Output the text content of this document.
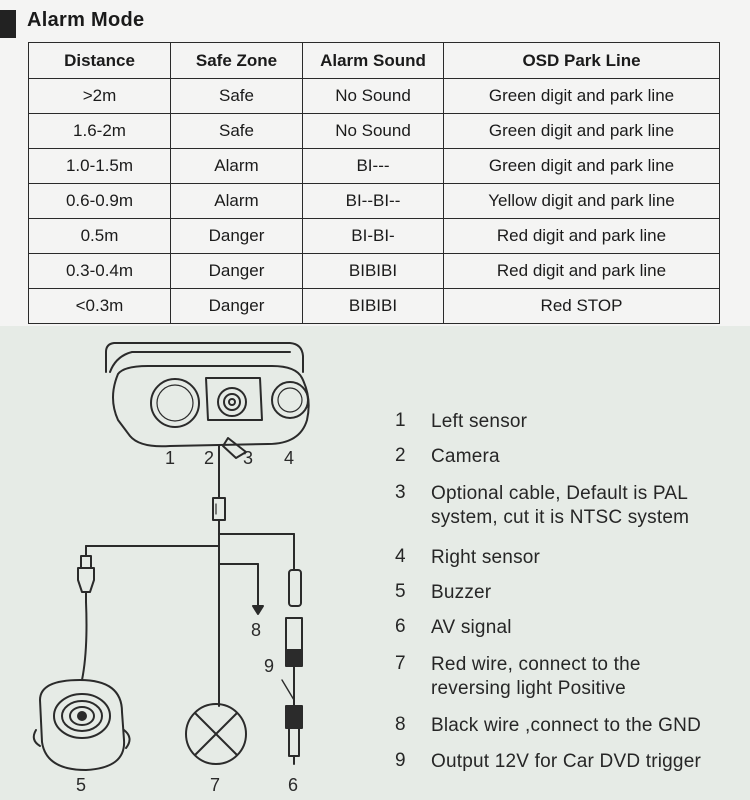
Alarm Mode
Distance	Safe Zone	Alarm Sound	OSD Park Line
>2m	Safe	No Sound	Green digit and park line
1.6-2m	Safe	No Sound	Green digit and park line
1.0-1.5m	Alarm	BI---	Green digit and park line
0.6-0.9m	Alarm	BI--BI--	Yellow digit and park line
0.5m	Danger	BI-BI-	Red digit and park line
0.3-0.4m	Danger	BIBIBI	Red digit and park line
<0.3m	Danger	BIBIBI	Red STOP
1 2 3 4
8
9
5	7	6
1	Left sensor
2	Camera
3	Optional cable, Default is PAL
system, cut it is NTSC system
4	Right sensor
5	Buzzer
6	AV signal
7	Red wire, connect to the
reversing light Positive
8	Black wire ,connect to the GND
9	Output 12V for Car DVD trigger
